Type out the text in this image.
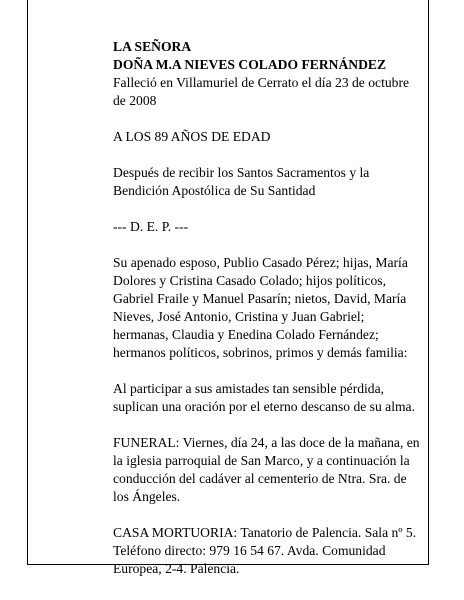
LA SEÑORA
DOÑA M.A NIEVES COLADO FERNÁNDEZ

Falleció en Villamuriel de Cerrato el día 23 de octubre de 2008

A LOS 89 AÑOS DE EDAD

Después de recibir los Santos Sacramentos y la Bendición Apostólica de Su Santidad

--- D. E. P. ---

Su apenado esposo, Publio Casado Pérez; hijas, María Dolores y Cristina Casado Colado; hijos políticos, Gabriel Fraile y Manuel Pasarín; nietos, David, María Nieves, José Antonio, Cristina y Juan Gabriel; hermanas, Claudia y Enedina Colado Fernández; hermanos políticos, sobrinos, primos y demás familia:

Al participar a sus amistades tan sensible pérdida, suplican una oración por el eterno descanso de su alma.

FUNERAL: Viernes, día 24, a las doce de la mañana, en la iglesia parroquial de San Marco, y a continuación la conducción del cadáver al cementerio de Ntra. Sra. de los Ángeles.

CASA MORTUORIA: Tanatorio de Palencia. Sala nº 5. Teléfono directo: 979 16 54 67. Avda. Comunidad Europea, 2-4. Palencia.
